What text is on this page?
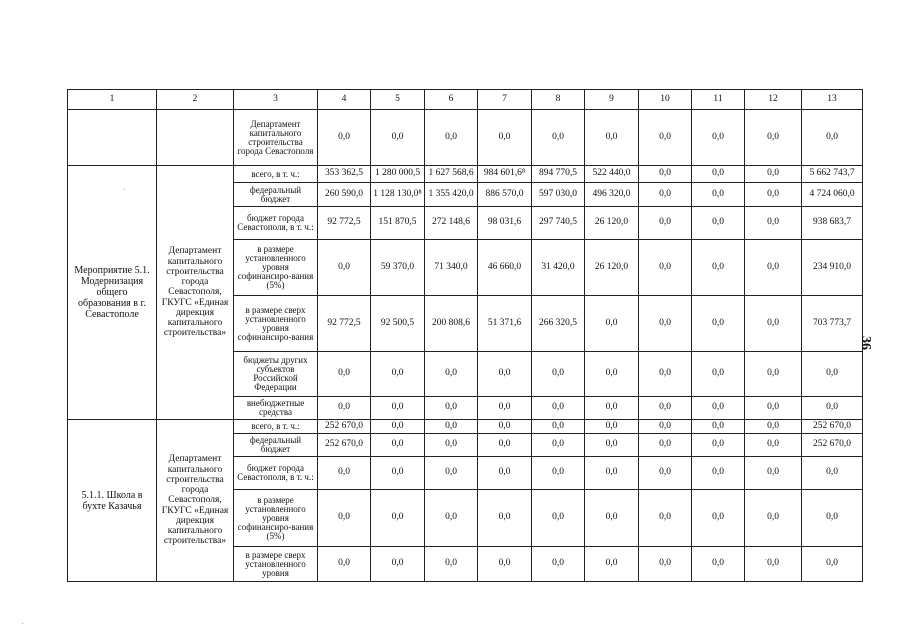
1	2	3	4	5	6	7	8	9	10	11	12	13
		Департамент капитального строительства города Севастополя	0,0	0,0	0,0	0,0	0,0	0,0	0,0	0,0	0,0	0,0
Мероприятие 5.1. Модернизация общего образования в г. Севастополе	Департамент капитального строительства города Севастополя, ГКУГС «Единая дирекция капитального строительства»	всего, в т. ч.:	353 362,5	1 280 000,5	1 627 568,6	984 601,6⁸	894 770,5	522 440,0	0,0	0,0	0,0	5 662 743,7
		федеральный бюджет	260 590,0	1 128 130,0⁸	1 355 420,0	886 570,0	597 030,0	496 320,0	0,0	0,0	0,0	4 724 060,0
		бюджет города Севастополя, в т. ч.:	92 772,5	151 870,5	272 148,6	98 031,6	297 740,5	26 120,0	0,0	0,0	0,0	938 683,7
		в размере установленного уровня софинансиро-вания (5%)	0,0	59 370,0	71 340,0	46 660,0	31 420,0	26 120,0	0,0	0,0	0,0	234 910,0
		в размере сверх установленного уровня софинансиро-вания	92 772,5	92 500,5	200 808,6	51 371,6	266 320,5	0,0	0,0	0,0	0,0	703 773,7
		бюджеты других субъектов Российской Федерации	0,0	0,0	0,0	0,0	0,0	0,0	0,0	0,0	0,0	0,0
		внебюджетные средства	0,0	0,0	0,0	0,0	0,0	0,0	0,0	0,0	0,0	0,0
5.1.1. Школа в бухте Казачья	Департамент капитального строительства города Севастополя, ГКУГС «Единая дирекция капитального строительства»	всего, в т. ч.:	252 670,0	0,0	0,0	0,0	0,0	0,0	0,0	0,0	0,0	252 670,0
		федеральный бюджет	252 670,0	0,0	0,0	0,0	0,0	0,0	0,0	0,0	0,0	252 670,0
		бюджет города Севастополя, в т. ч.:	0,0	0,0	0,0	0,0	0,0	0,0	0,0	0,0	0,0	0,0
		в размере установленного уровня софинансиро-вания (5%)	0,0	0,0	0,0	0,0	0,0	0,0	0,0	0,0	0,0	0,0
		в размере сверх установленного уровня	0,0	0,0	0,0	0,0	0,0	0,0	0,0	0,0	0,0	0,0
36
